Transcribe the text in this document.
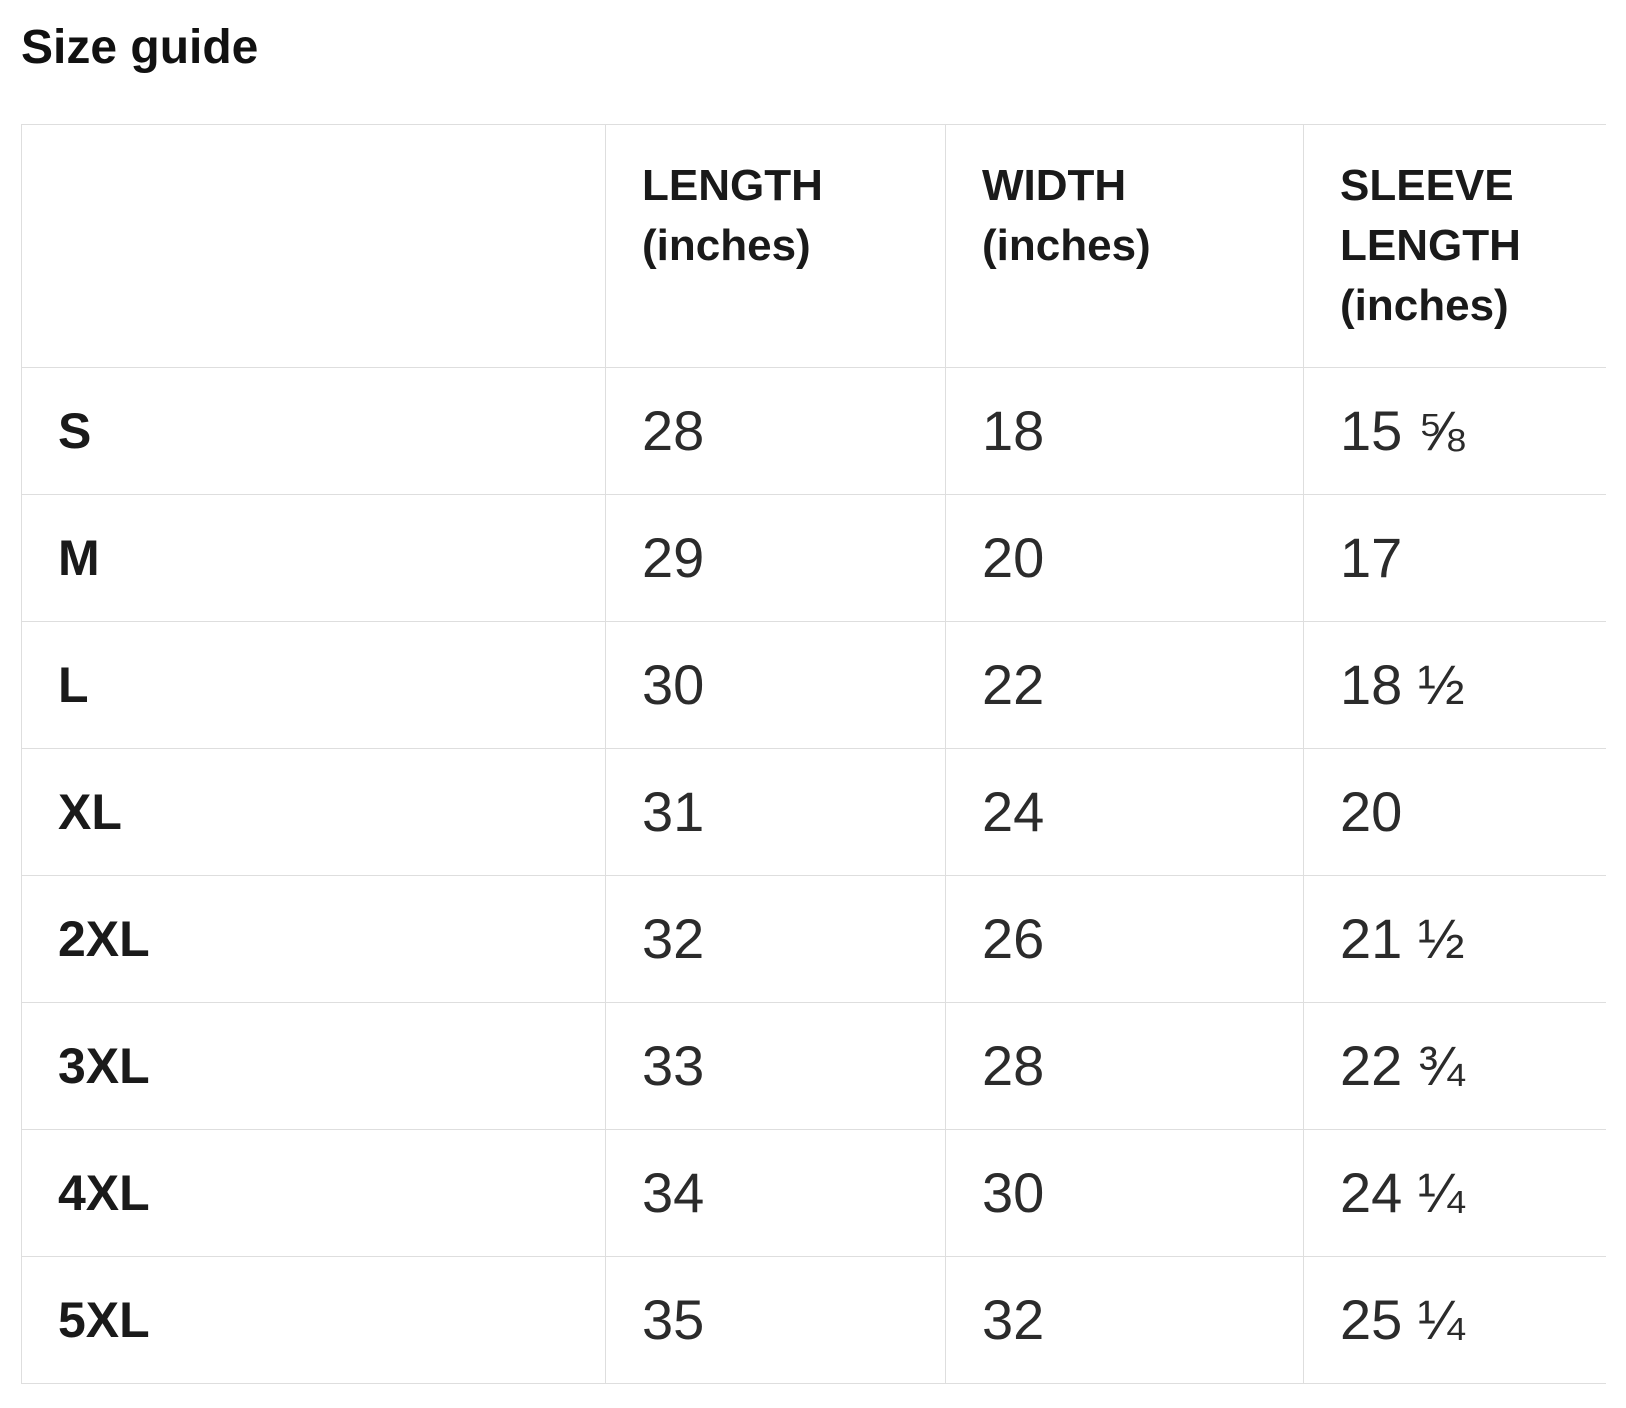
Size guide
	LENGTH (inches)	WIDTH (inches)	SLEEVE LENGTH (inches)
S	28	18	15 ⅝
M	29	20	17
L	30	22	18 ½
XL	31	24	20
2XL	32	26	21 ½
3XL	33	28	22 ¾
4XL	34	30	24 ¼
5XL	35	32	25 ¼
